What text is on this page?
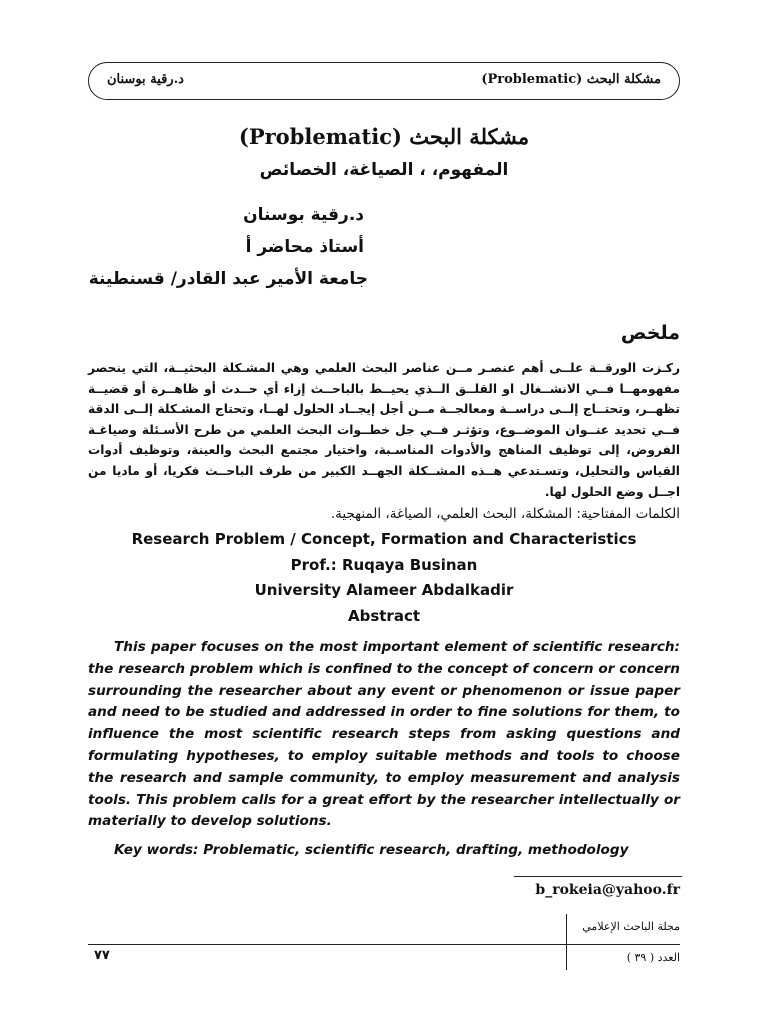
مشكلة البحث (Problematic)
د.رقية بوسنان
مشكلة البحث (Problematic)
المفهوم، ، الصياغة، الخصائص
د.رقية بوسنان
أستاذ محاضر أ
جامعة الأمير عبد القادر/ قسنطينة
ملخص
ركـزت الورقــة علــى أهم عنصـر مــن عناصر البحث العلمي وهي المشـكلة البحثيــة، التي ينحصر مفهومهــا فــي الانشــغال او القلــق الــذي يحيــط بالباحــث إزاء أي حــدث أو ظاهــرة أو قضيــة تظهــر، وتحتــاج إلــى دراســة ومعالجــة مــن أجل إيجــاد الحلول لهــا، وتحتاج المشـكلة إلــى الدقة فــي تحديد عنــوان الموضــوع، وتؤثـر فــي جل خطــوات البحث العلمي من طرح الأسـئلة وصياغـة الفروض، إلى توظيف المناهج والأدوات المناسـبة، واختيار مجتمع البحث والعينة، وتوظيف أدوات القياس والتحليل، وتسـتدعي هــذه المشــكلة الجهــد الكبير من طرف الباحــث فكريا، أو ماديا من اجــل وضع الحلول لها.
الكلمات المفتاحية: المشكلة، البحث العلمي، الصياغة، المنهجية.
Research Problem / Concept, Formation and Characteristics
Prof.: Ruqaya Businan
University Alameer Abdalkadir
Abstract
This paper focuses on the most important element of scientific research: the research problem which is confined to the concept of concern or concern surrounding the researcher about any event or phenomenon or issue paper and need to be studied and addressed in order to fine solutions for them, to influence the most scientific research steps from asking questions and formulating hypotheses, to employ suitable methods and tools to choose the research and sample community, to employ measurement and analysis tools. This problem calls for a great effort by the researcher intellectually or materially to develop solutions.
Key words: Problematic, scientific research, drafting, methodology
b_rokeia@yahoo.fr
مجلة الباحث الإعلامي
العدد ( ٣٩ )
٧٧
